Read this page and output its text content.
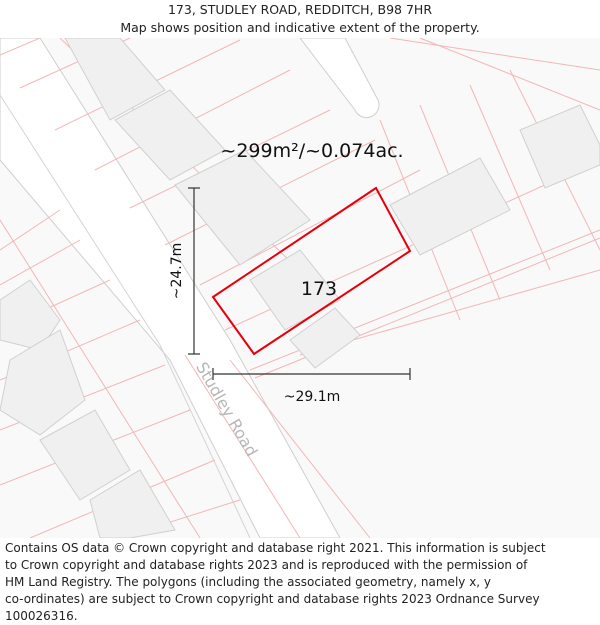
173, STUDLEY ROAD, REDDITCH, B98 7HR
Map shows position and indicative extent of the property.
~299m²/~0.074ac.
173
~29.1m
~24.7m
Studley Road
Contains OS data © Crown copyright and database right 2021. This information is subject
to Crown copyright and database rights 2023 and is reproduced with the permission of
HM Land Registry. The polygons (including the associated geometry, namely x, y
co-ordinates) are subject to Crown copyright and database rights 2023 Ordnance Survey
100026316.
